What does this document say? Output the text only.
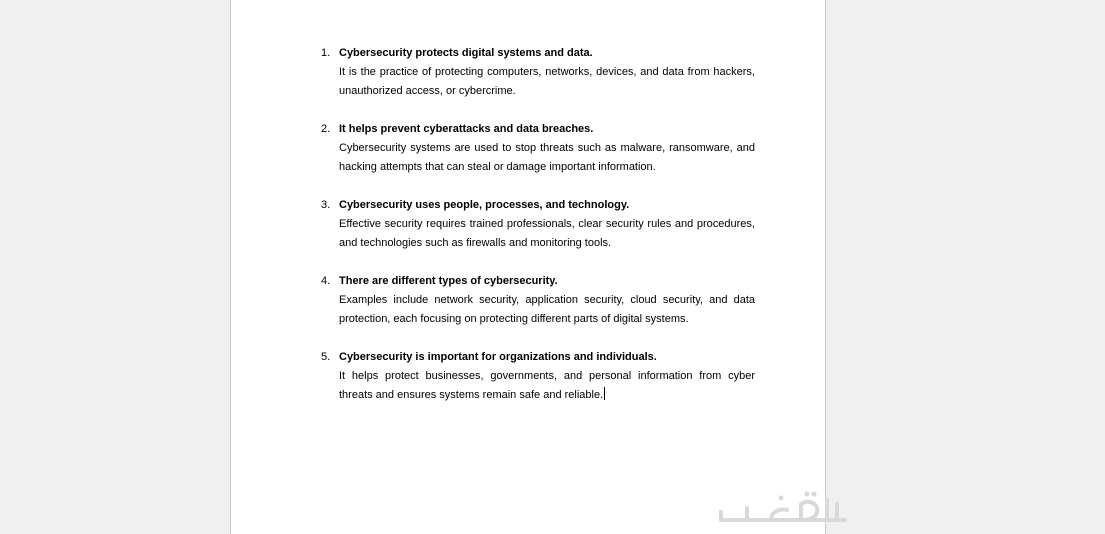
1. Cybersecurity protects digital systems and data.
It is the practice of protecting computers, networks, devices, and data from hackers, unauthorized access, or cybercrime.
2. It helps prevent cyberattacks and data breaches.
Cybersecurity systems are used to stop threats such as malware, ransomware, and hacking attempts that can steal or damage important information.
3. Cybersecurity uses people, processes, and technology.
Effective security requires trained professionals, clear security rules and procedures, and technologies such as firewalls and monitoring tools.
4. There are different types of cybersecurity.
Examples include network security, application security, cloud security, and data protection, each focusing on protecting different parts of digital systems.
5. Cybersecurity is important for organizations and individuals.
It helps protect businesses, governments, and personal information from cyber threats and ensures systems remain safe and reliable.
